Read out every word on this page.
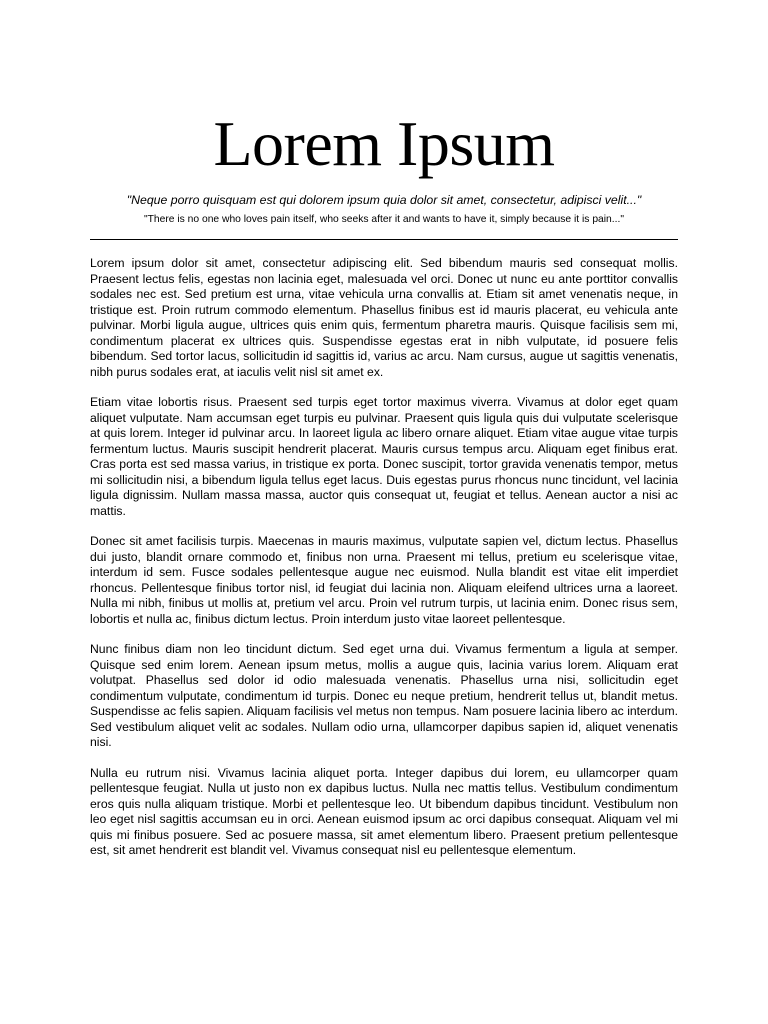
Lorem Ipsum

"Neque porro quisquam est qui dolorem ipsum quia dolor sit amet, consectetur, adipisci velit..."

"There is no one who loves pain itself, who seeks after it and wants to have it, simply because it is pain..."

Lorem ipsum dolor sit amet, consectetur adipiscing elit. Sed bibendum mauris sed consequat mollis. Praesent lectus felis, egestas non lacinia eget, malesuada vel orci. Donec ut nunc eu ante porttitor convallis sodales nec est. Sed pretium est urna, vitae vehicula urna convallis at. Etiam sit amet venenatis neque, in tristique est. Proin rutrum commodo elementum. Phasellus finibus est id mauris placerat, eu vehicula ante pulvinar. Morbi ligula augue, ultrices quis enim quis, fermentum pharetra mauris. Quisque facilisis sem mi, condimentum placerat ex ultrices quis. Suspendisse egestas erat in nibh vulputate, id posuere felis bibendum. Sed tortor lacus, sollicitudin id sagittis id, varius ac arcu. Nam cursus, augue ut sagittis venenatis, nibh purus sodales erat, at iaculis velit nisl sit amet ex.

Etiam vitae lobortis risus. Praesent sed turpis eget tortor maximus viverra. Vivamus at dolor eget quam aliquet vulputate. Nam accumsan eget turpis eu pulvinar. Praesent quis ligula quis dui vulputate scelerisque at quis lorem. Integer id pulvinar arcu. In laoreet ligula ac libero ornare aliquet. Etiam vitae augue vitae turpis fermentum luctus. Mauris suscipit hendrerit placerat. Mauris cursus tempus arcu. Aliquam eget finibus erat. Cras porta est sed massa varius, in tristique ex porta. Donec suscipit, tortor gravida venenatis tempor, metus mi sollicitudin nisi, a bibendum ligula tellus eget lacus. Duis egestas purus rhoncus nunc tincidunt, vel lacinia ligula dignissim. Nullam massa massa, auctor quis consequat ut, feugiat et tellus. Aenean auctor a nisi ac mattis.

Donec sit amet facilisis turpis. Maecenas in mauris maximus, vulputate sapien vel, dictum lectus. Phasellus dui justo, blandit ornare commodo et, finibus non urna. Praesent mi tellus, pretium eu scelerisque vitae, interdum id sem. Fusce sodales pellentesque augue nec euismod. Nulla blandit est vitae elit imperdiet rhoncus. Pellentesque finibus tortor nisl, id feugiat dui lacinia non. Aliquam eleifend ultrices urna a laoreet. Nulla mi nibh, finibus ut mollis at, pretium vel arcu. Proin vel rutrum turpis, ut lacinia enim. Donec risus sem, lobortis et nulla ac, finibus dictum lectus. Proin interdum justo vitae laoreet pellentesque.

Nunc finibus diam non leo tincidunt dictum. Sed eget urna dui. Vivamus fermentum a ligula at semper. Quisque sed enim lorem. Aenean ipsum metus, mollis a augue quis, lacinia varius lorem. Aliquam erat volutpat. Phasellus sed dolor id odio malesuada venenatis. Phasellus urna nisi, sollicitudin eget condimentum vulputate, condimentum id turpis. Donec eu neque pretium, hendrerit tellus ut, blandit metus. Suspendisse ac felis sapien. Aliquam facilisis vel metus non tempus. Nam posuere lacinia libero ac interdum. Sed vestibulum aliquet velit ac sodales. Nullam odio urna, ullamcorper dapibus sapien id, aliquet venenatis nisi.

Nulla eu rutrum nisi. Vivamus lacinia aliquet porta. Integer dapibus dui lorem, eu ullamcorper quam pellentesque feugiat. Nulla ut justo non ex dapibus luctus. Nulla nec mattis tellus. Vestibulum condimentum eros quis nulla aliquam tristique. Morbi et pellentesque leo. Ut bibendum dapibus tincidunt. Vestibulum non leo eget nisl sagittis accumsan eu in orci. Aenean euismod ipsum ac orci dapibus consequat. Aliquam vel mi quis mi finibus posuere. Sed ac posuere massa, sit amet elementum libero. Praesent pretium pellentesque est, sit amet hendrerit est blandit vel. Vivamus consequat nisl eu pellentesque elementum.
